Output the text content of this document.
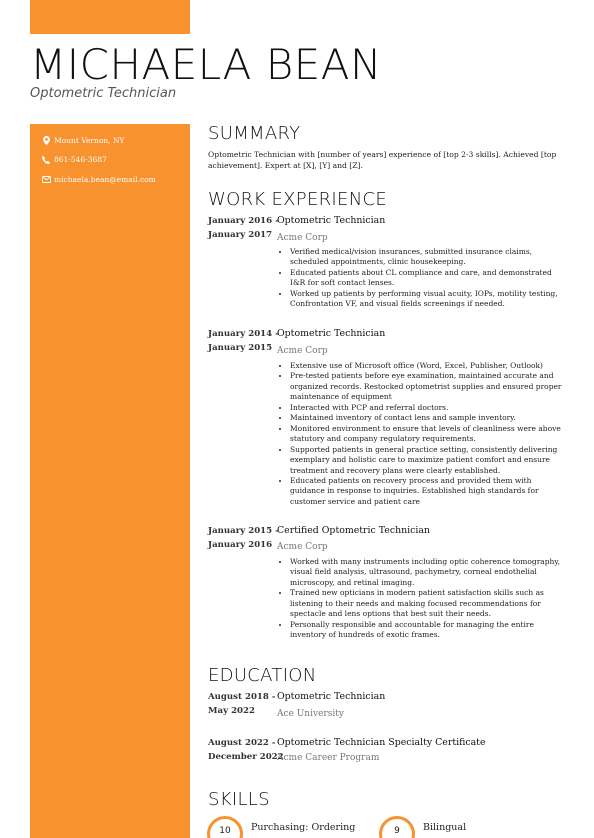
MICHAELA BEAN
Optometric Technician
Mount Vernon, NY
861-546-3687
michaela.bean@email.com
SUMMARY
Optometric Technician with [number of years] experience of [top 2-3 skills]. Achieved [top achievement]. Expert at [X], [Y] and [Z].
WORK EXPERIENCE
January 2016 -
January 2017
Optometric Technician
Acme Corp
• Verified medical/vision insurances, submitted insurance claims, scheduled appointments, clinic housekeeping.
• Educated patients about CL compliance and care, and demonstrated I&R for soft contact lenses.
• Worked up patients by performing visual acuity, IOPs, motility testing, Confrontation VF, and visual fields screenings if needed.
January 2014 -
January 2015
Optometric Technician
Acme Corp
• Extensive use of Microsoft office (Word, Excel, Publisher, Outlook)
• Pre-tested patients before eye examination, maintained accurate and organized records. Restocked optometrist supplies and ensured proper maintenance of equipment
• Interacted with PCP and referral doctors.
• Maintained inventory of contact lens and sample inventory.
• Monitored environment to ensure that levels of cleanliness were above statutory and company regulatory requirements.
• Supported patients in general practice setting, consistently delivering exemplary and holistic care to maximize patient comfort and ensure treatment and recovery plans were clearly established.
• Educated patients on recovery process and provided them with guidance in response to inquiries. Established high standards for customer service and patient care
January 2015 -
January 2016
Certified Optometric Technician
Acme Corp
• Worked with many instruments including optic coherence tomography, visual field analysis, ultrasound, pachymetry, corneal endothelial microscopy, and retinal imaging.
• Trained new opticians in modern patient satisfaction skills such as listening to their needs and making focused recommendations for spectacle and lens options that best suit their needs.
• Personally responsible and accountable for managing the entire inventory of hundreds of exotic frames.
EDUCATION
August 2018 -
May 2022
Optometric Technician
Ace University
August 2022 -
December 2022
Optometric Technician Specialty Certificate
Acme Career Program
SKILLS
10 Purchasing: Ordering	9 Bilingual
